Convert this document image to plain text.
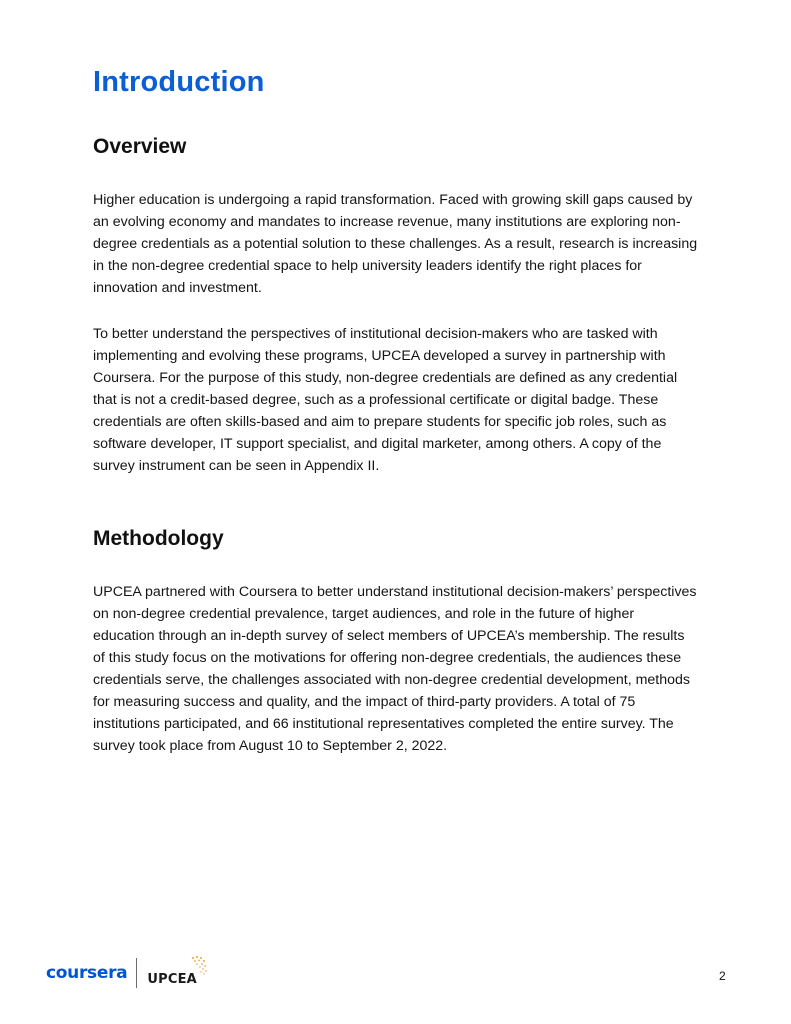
Introduction
Overview

Higher education is undergoing a rapid transformation. Faced with growing skill gaps caused by an evolving economy and mandates to increase revenue, many institutions are exploring non-degree credentials as a potential solution to these challenges. As a result, research is increasing in the non-degree credential space to help university leaders identify the right places for innovation and investment.

To better understand the perspectives of institutional decision-makers who are tasked with implementing and evolving these programs, UPCEA developed a survey in partnership with Coursera. For the purpose of this study, non-degree credentials are defined as any credential that is not a credit-based degree, such as a professional certificate or digital badge. These credentials are often skills-based and aim to prepare students for specific job roles, such as software developer, IT support specialist, and digital marketer, among others. A copy of the survey instrument can be seen in Appendix II.

Methodology

UPCEA partnered with Coursera to better understand institutional decision-makers’ perspectives on non-degree credential prevalence, target audiences, and role in the future of higher education through an in-depth survey of select members of UPCEA’s membership. The results of this study focus on the motivations for offering non-degree credentials, the audiences these credentials serve, the challenges associated with non-degree credential development, methods for measuring success and quality, and the impact of third-party providers. A total of 75 institutions participated, and 66 institutional representatives completed the entire survey. The survey took place from August 10 to September 2, 2022.

coursera UPCEA	2
